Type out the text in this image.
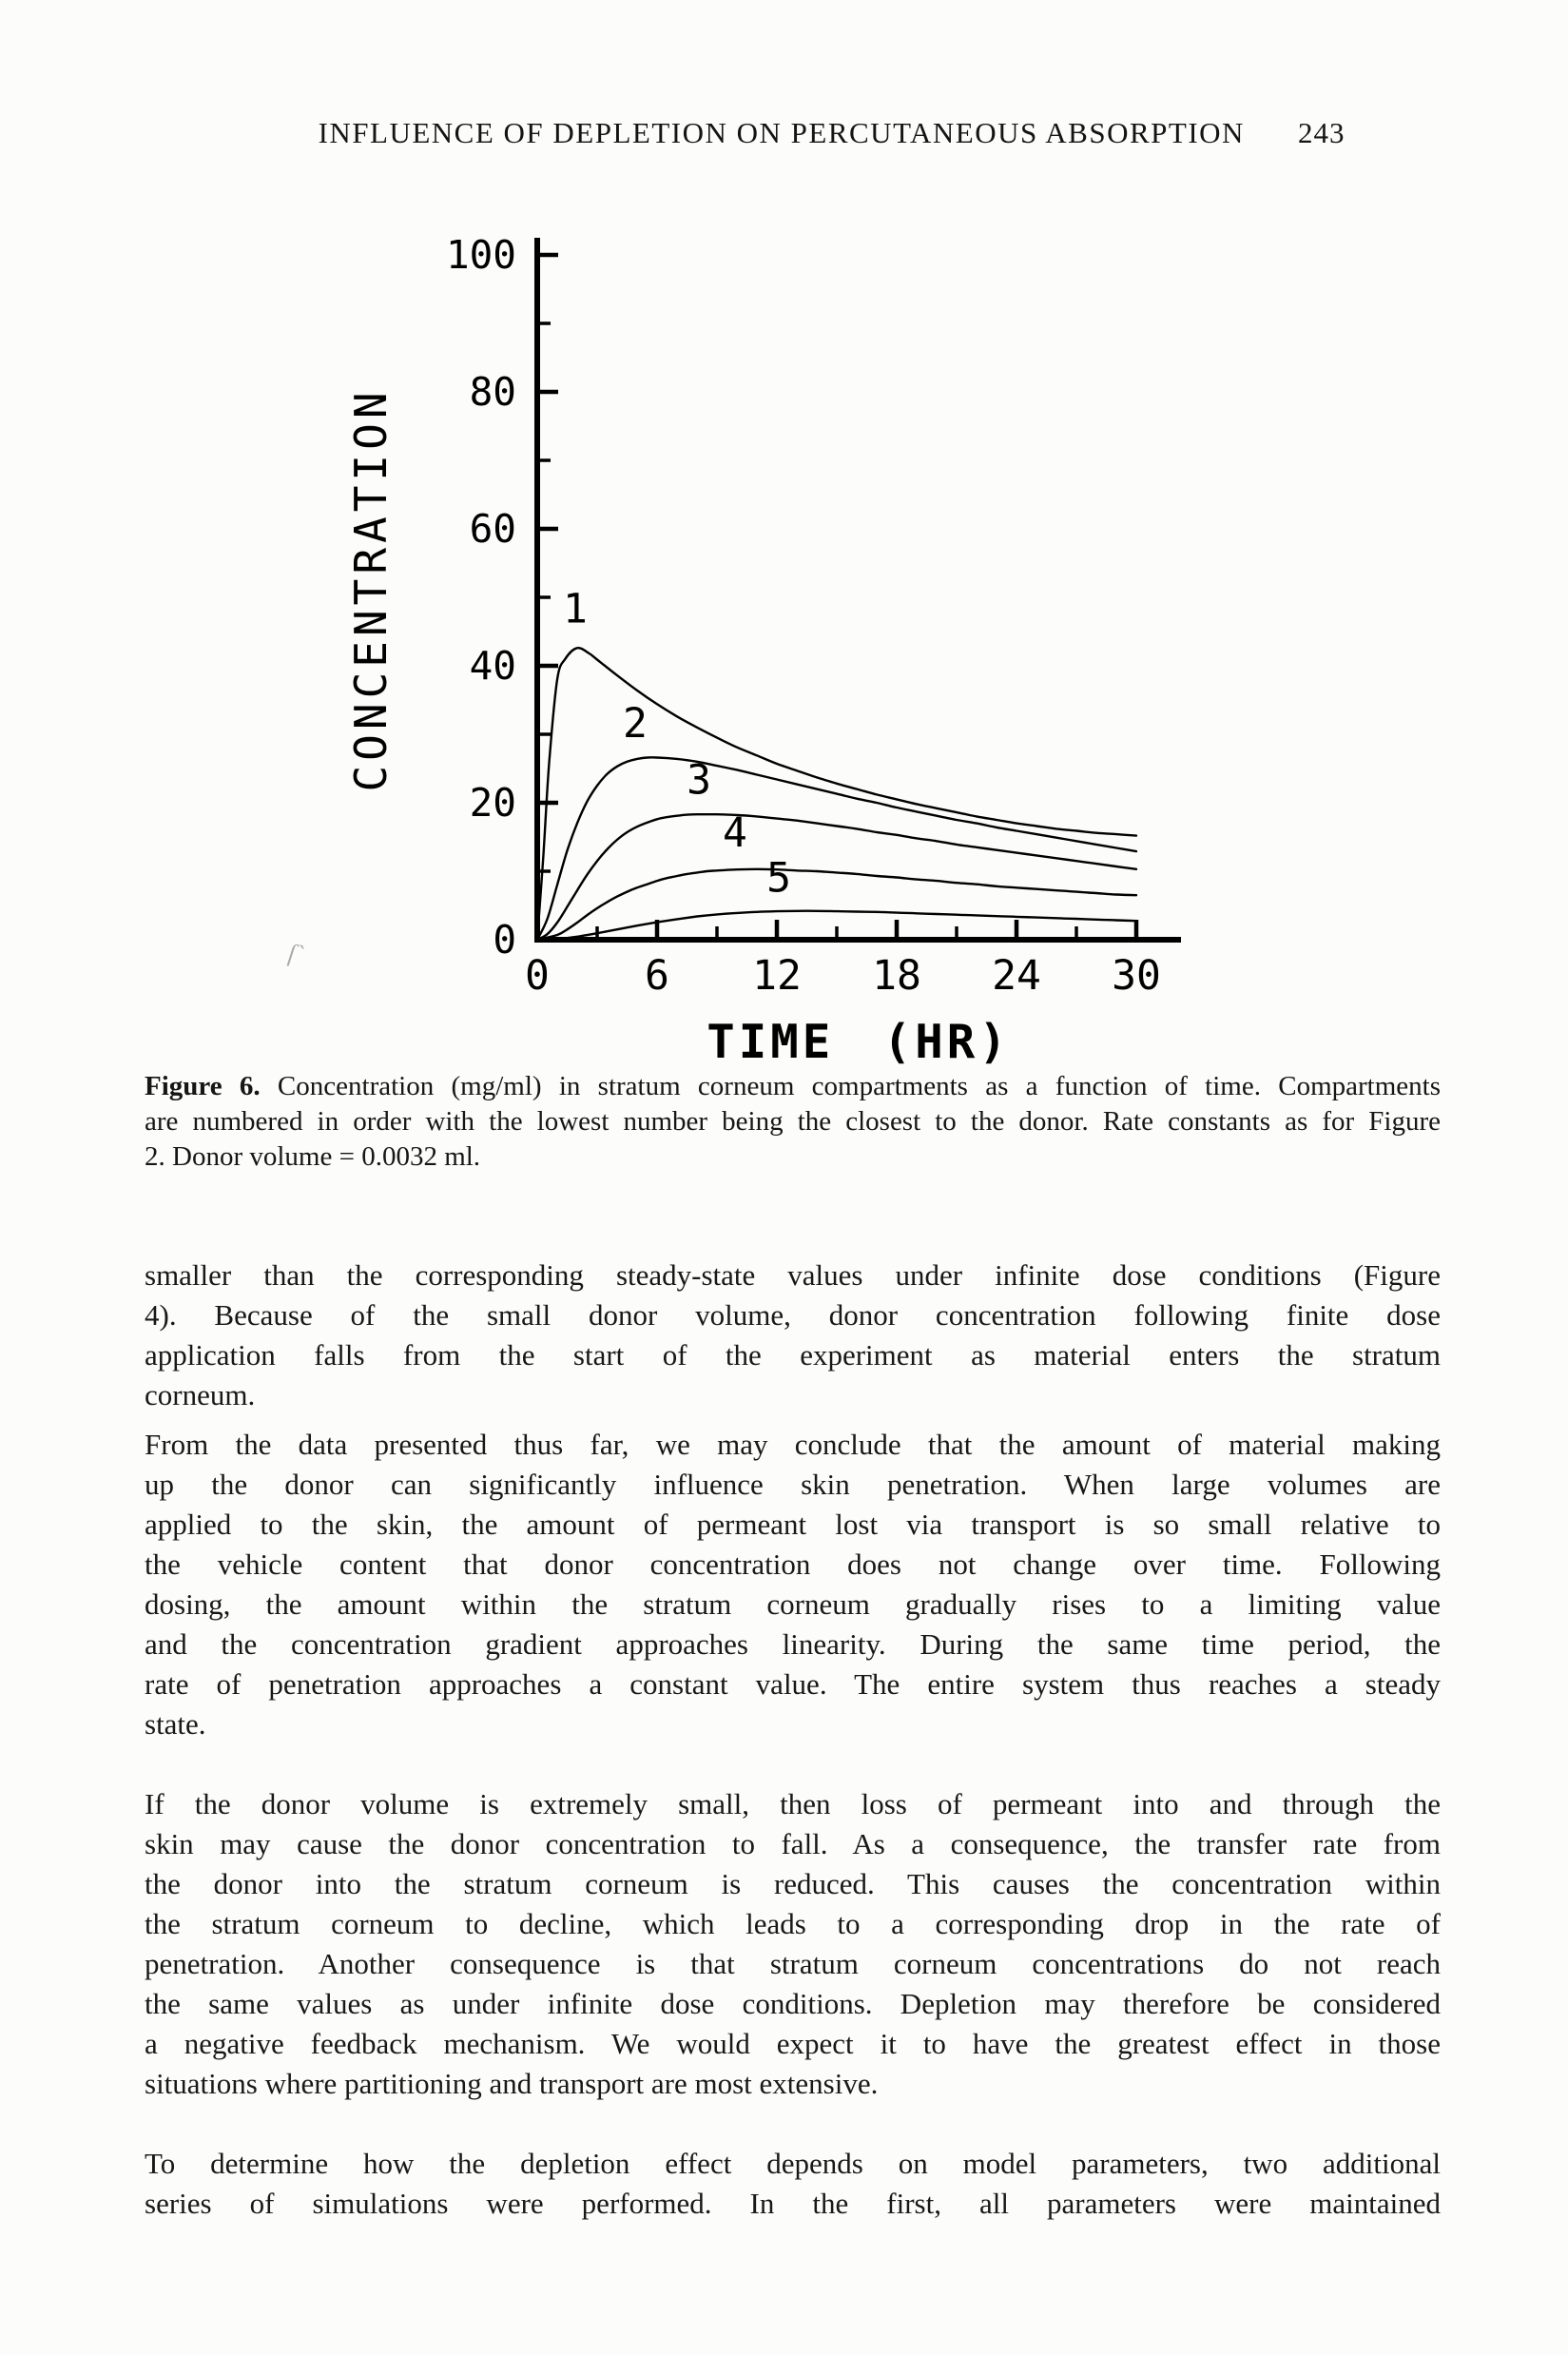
INFLUENCE OF DEPLETION ON PERCUTANEOUS ABSORPTION 243
0
20
40
60
80
100
0 6 12 18 24 30
TIME (HR)
CONCENTRATION	1
2
3
4
5
ſ`
Figure 6. Concentration (mg/ml) in stratum corneum compartments as a function of time. Compartments
are numbered in order with the lowest number being the closest to the donor. Rate constants as for Figure
2. Donor volume = 0.0032 ml.
smaller than the corresponding steady-state values under infinite dose conditions (Figure
4). Because of the small donor volume, donor concentration following finite dose
application falls from the start of the experiment as material enters the stratum
corneum.
From the data presented thus far, we may conclude that the amount of material making
up the donor can significantly influence skin penetration. When large volumes are
applied to the skin, the amount of permeant lost via transport is so small relative to
the vehicle content that donor concentration does not change over time. Following
dosing, the amount within the stratum corneum gradually rises to a limiting value
and the concentration gradient approaches linearity. During the same time period, the
rate of penetration approaches a constant value. The entire system thus reaches a steady
state.
If the donor volume is extremely small, then loss of permeant into and through the
skin may cause the donor concentration to fall. As a consequence, the transfer rate from
the donor into the stratum corneum is reduced. This causes the concentration within
the stratum corneum to decline, which leads to a corresponding drop in the rate of
penetration. Another consequence is that stratum corneum concentrations do not reach
the same values as under infinite dose conditions. Depletion may therefore be considered
a negative feedback mechanism. We would expect it to have the greatest effect in those
situations where partitioning and transport are most extensive.
To determine how the depletion effect depends on model parameters, two additional
series of simulations were performed. In the first, all parameters were maintained
